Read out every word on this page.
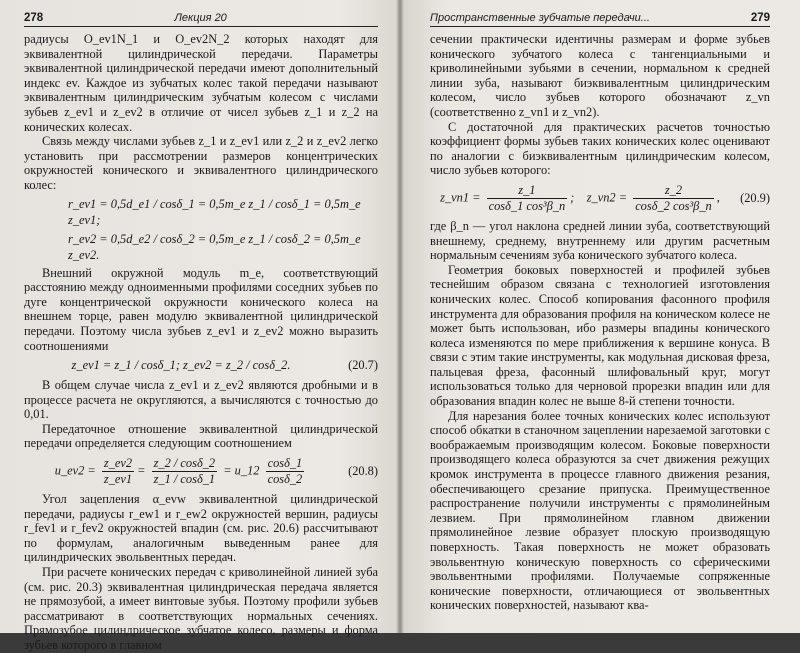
278	Лекция 20

радиусы O_ev1N_1 и O_ev2N_2 которых находят для эквивалентной цилиндрической передачи. Параметры эквивалентной цилиндрической передачи имеют дополнительный индекс ev. Каждое из зубчатых колес такой передачи называют эквивалентным цилиндрическим зубчатым колесом с числами зубьев z_ev1 и z_ev2 в отличие от чисел зубьев z_1 и z_2 на конических колесах.

Связь между числами зубьев z_1 и z_ev1 или z_2 и z_ev2 легко установить при рассмотрении размеров концентрических окружностей конического и эквивалентного цилиндрического колес:

r_ev1 = 0,5d_e1 / cosδ_1 = 0,5m_e z_1 / cosδ_1 = 0,5m_e z_ev1;
r_ev2 = 0,5d_e2 / cosδ_2 = 0,5m_e z_1 / cosδ_2 = 0,5m_e z_ev2.

Внешний окружной модуль m_e, соответствующий расстоянию между одноименными профилями соседних зубьев по дуге концентрической окружности конического колеса на внешнем торце, равен модулю эквивалентной цилиндрической передачи. Поэтому числа зубьев z_ev1 и z_ev2 можно выразить соотношениями

z_ev1 = z_1 / cosδ_1; z_ev2 = z_2 / cosδ_2.	(20.7)

В общем случае числа z_ev1 и z_ev2 являются дробными и в процессе расчета не округляются, а вычисляются с точностью до 0,01.

Передаточное отношение эквивалентной цилиндрической передачи определяется следующим соотношением

u_ev2 = $\frac{z\_ev2}{z\_ev1} = \frac{z\_2 / \cos\delta\_2}{z\_1 / \cos\delta\_1}$ = u_12 $\frac{\cos\delta\_1}{\cos\delta\_2}$	(20.8)

Угол зацепления α_evw эквивалентной цилиндрической передачи, радиусы r_ew1 и r_ew2 окружностей вершин, радиусы r_fev1 и r_fev2 окружностей впадин (см. рис. 20.6) рассчитывают по формулам, аналогичным выведенным ранее для цилиндрических эвольвентных передач.

При расчете конических передач с криволинейной линией зуба (см. рис. 20.3) эквивалентная цилиндрическая передача является не прямозубой, а имеет винтовые зубья. Поэтому профили зубьев рассматривают в соответствующих нормальных сечениях. Прямозубое цилиндрическое зубчатое колесо, размеры и форма зубьев которого в главном

Пространственные зубчатые передачи...	279

сечении практически идентичны размерам и форме зубьев конического зубчатого колеса с тангенциальными и криволинейными зубьями в сечении, нормальном к средней линии зуба, называют биэквивалентным цилиндрическим колесом, число зубьев которого обозначают z_vn (соответственно z_vn1 и z_vn2).

С достаточной для практических расчетов точностью коэффициент формы зубьев таких конических колес оценивают по аналогии с биэквивалентным цилиндрическим колесом, число зубьев которого:

z_vn1 = $\frac{z\_1}{\text{cosδ\_1 cos³β\_n}}$ ;    z_vn2 = $\frac{z\_2}{\text{cosδ\_2 cos³β\_n}}$ ,	(20.9)

где β_n — угол наклона средней линии зуба, соответствующий внешнему, среднему, внутреннему или другим расчетным нормальным сечениям зуба конического зубчатого колеса.

Геометрия боковых поверхностей и профилей зубьев теснейшим образом связана с технологией изготовления конических колес. Способ копирования фасонного профиля инструмента для образования профиля на коническом колесе не может быть использован, ибо размеры впадины конического колеса изменяются по мере приближения к вершине конуса. В связи с этим такие инструменты, как модульная дисковая фреза, пальцевая фреза, фасонный шлифовальный круг, могут использоваться только для черновой прорезки впадин или для образования впадин колес не выше 8-й степени точности.

Для нарезания более точных конических колес используют способ обкатки в станочном зацеплении нарезаемой заготовки с воображаемым производящим колесом. Боковые поверхности производящего колеса образуются за счет движения режущих кромок инструмента в процессе главного движения резания, обеспечивающего срезание припуска. Преимущественное распространение получили инструменты с прямолинейным лезвием. При прямолинейном главном движении прямолинейное лезвие образует плоскую производящую поверхность. Такая поверхность не может образовать эвольвентную коническую поверхность со сферическими эвольвентными профилями. Получаемые сопряженные конические поверхности, отличающиеся от эвольвентных конических поверхностей, называют ква-
